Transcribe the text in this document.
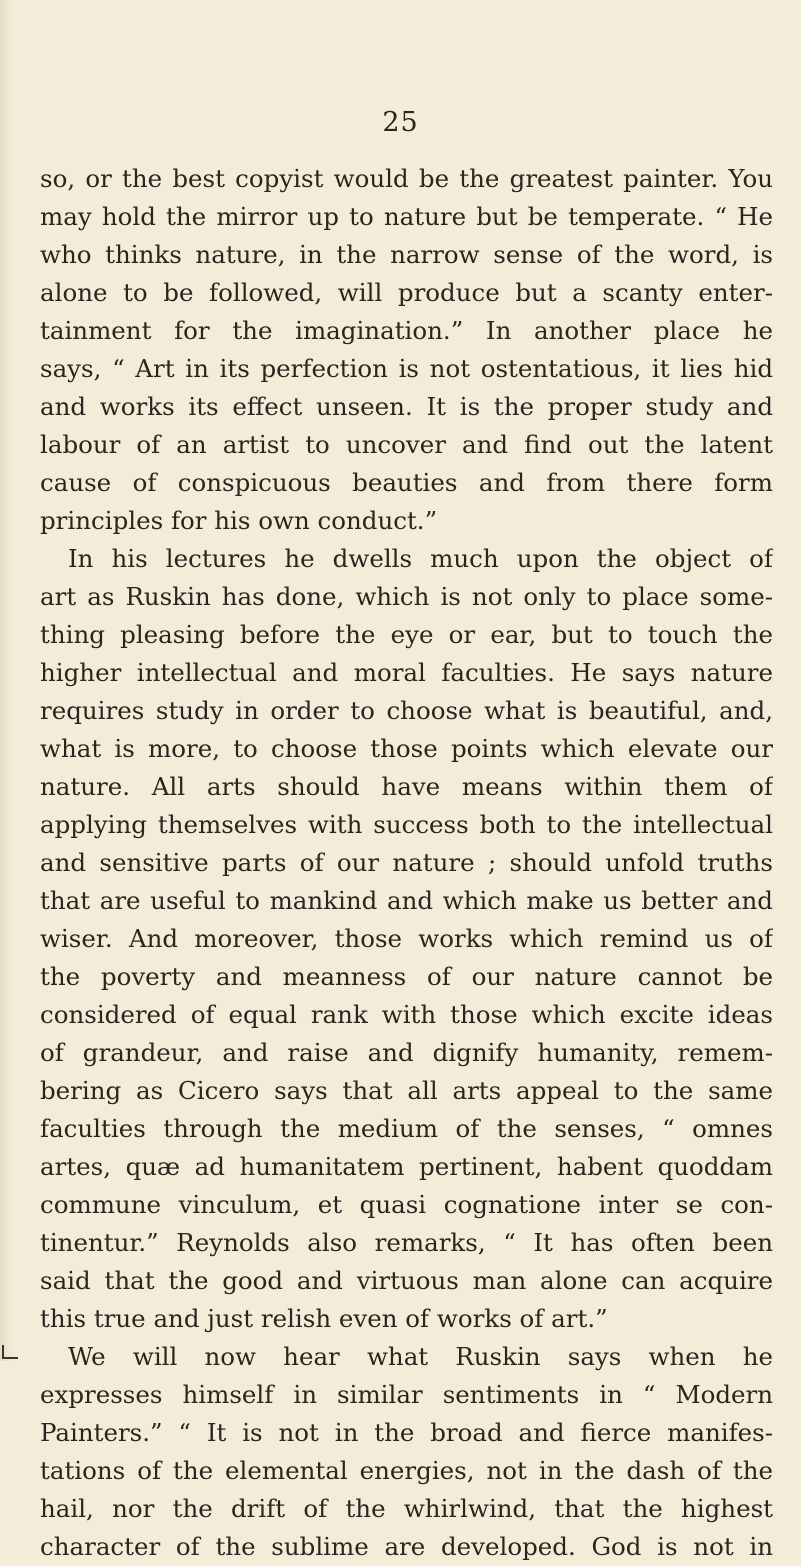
25
so, or the best copyist would be the greatest painter. You
may hold the mirror up to nature but be temperate. “ He
who thinks nature, in the narrow sense of the word, is
alone to be followed, will produce but a scanty enter-
tainment for the imagination.” In another place he
says, “ Art in its perfection is not ostentatious, it lies hid
and works its effect unseen. It is the proper study and
labour of an artist to uncover and find out the latent
cause of conspicuous beauties and from there form
principles for his own conduct.”
In his lectures he dwells much upon the object of
art as Ruskin has done, which is not only to place some-
thing pleasing before the eye or ear, but to touch the
higher intellectual and moral faculties. He says nature
requires study in order to choose what is beautiful, and,
what is more, to choose those points which elevate our
nature. All arts should have means within them of
applying themselves with success both to the intellectual
and sensitive parts of our nature ; should unfold truths
that are useful to mankind and which make us better and
wiser. And moreover, those works which remind us of
the poverty and meanness of our nature cannot be
considered of equal rank with those which excite ideas
of grandeur, and raise and dignify humanity, remem-
bering as Cicero says that all arts appeal to the same
faculties through the medium of the senses, “ omnes
artes, quæ ad humanitatem pertinent, habent quoddam
commune vinculum, et quasi cognatione inter se con-
tinentur.” Reynolds also remarks, “ It has often been
said that the good and virtuous man alone can acquire
this true and just relish even of works of art.”
We will now hear what Ruskin says when he
expresses himself in similar sentiments in “ Modern
Painters.” “ It is not in the broad and fierce manifes-
tations of the elemental energies, not in the dash of the
hail, nor the drift of the whirlwind, that the highest
character of the sublime are developed. God is not in
